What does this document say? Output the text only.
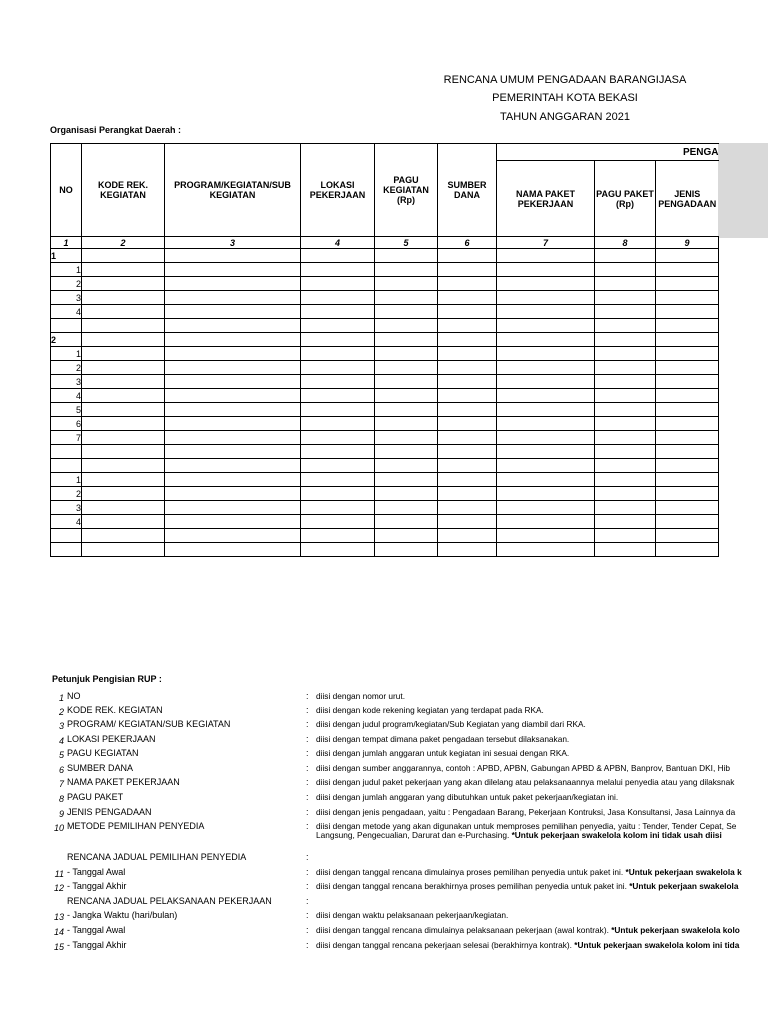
RENCANA UMUM PENGADAAN BARANGIJASA
PEMERINTAH KOTA BEKASI
TAHUN ANGGARAN 2021
Organisasi Perangkat Daerah :
NO	KODE REK. KEGIATAN	PROGRAM/KEGIATAN/SUB KEGIATAN	LOKASI PEKERJAAN	PAGU KEGIATAN (Rp)	SUMBER DANA	PENGA		
						NAMA PAKET PEKERJAAN	PAGU PAKET (Rp)	JENIS PENGADAAN
1	2	3	4	5	6	7	8	9
1								
1								
2								
3								
4								

2								
1								
2								
3								
4								
5								
6								
7								

1								
2								
3								
4								

Petunjuk Pengisian RUP :
1 NO	: diisi dengan nomor urut.
2 KODE REK. KEGIATAN	: diisi dengan kode rekening kegiatan yang terdapat pada RKA.
3 PROGRAM/ KEGIATAN/SUB KEGIATAN	: diisi dengan judul program/kegiatan/Sub Kegiatan yang diambil dari RKA.
4 LOKASI PEKERJAAN	: diisi dengan tempat dimana paket pengadaan tersebut dilaksanakan.
5 PAGU KEGIATAN	: diisi dengan jumlah anggaran untuk kegiatan ini sesuai dengan RKA.
6 SUMBER DANA	: diisi dengan sumber anggarannya, contoh : APBD, APBN, Gabungan APBD & APBN, Banprov, Bantuan DKI, Hib
7 NAMA PAKET PEKERJAAN	: diisi dengan judul paket pekerjaan yang akan dilelang atau pelaksanaannya melalui penyedia atau yang dilaksnak
8 PAGU PAKET	: diisi dengan jumlah anggaran yang dibutuhkan untuk paket pekerjaan/kegiatan ini.
9 JENIS PENGADAAN	: diisi dengan jenis pengadaan, yaitu : Pengadaan Barang, Pekerjaan Kontruksi, Jasa Konsultansi, Jasa Lainnya da
10 METODE PEMILIHAN PENYEDIA	: diisi dengan metode yang akan digunakan untuk memproses pemilihan penyedia, yaitu : Tender, Tender Cepat, Se
Langsung, Pengecualian, Darurat dan e-Purchasing. *Untuk pekerjaan swakelola kolom ini tidak usah diisi
RENCANA JADUAL PEMILIHAN PENYEDIA	:
11 - Tanggal Awal	: diisi dengan tanggal rencana dimulainya proses pemilihan penyedia untuk paket ini. *Untuk pekerjaan swakelola k
12 - Tanggal Akhir	: diisi dengan tanggal rencana berakhirnya proses pemilihan penyedia untuk paket ini. *Untuk pekerjaan swakelola
RENCANA JADUAL PELAKSANAAN PEKERJAAN	:
13 - Jangka Waktu (hari/bulan)	: diisi dengan waktu pelaksanaan pekerjaan/kegiatan.
14 - Tanggal Awal	: diisi dengan tanggal rencana dimulainya pelaksanaan pekerjaan (awal kontrak). *Untuk pekerjaan swakelola kolo
15 - Tanggal Akhir	: diisi dengan tanggal rencana pekerjaan selesai (berakhirnya kontrak). *Untuk pekerjaan swakelola kolom ini tida
